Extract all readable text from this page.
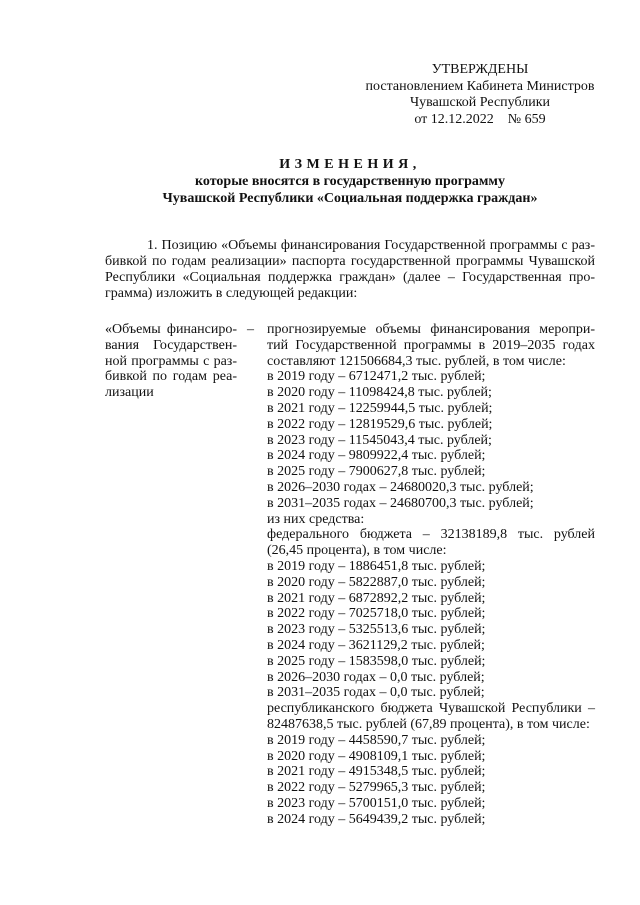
УТВЕРЖДЕНЫ
постановлением Кабинета Министров
Чувашской Республики
от 12.12.2022    № 659
ИЗМЕНЕНИЯ,
которые вносятся в государственную программу
Чувашской Республики «Социальная поддержка граждан»
1. Позицию «Объемы финансирования Государственной программы с раз-
бивкой по годам реализации» паспорта государственной программы Чувашской
Республики «Социальная поддержка граждан» (далее – Государственная про-
грамма) изложить в следующей редакции:
«Объемы финансиро-
вания Государствен-
ной программы с раз-
бивкой по годам реа-
лизации
– прогнозируемые объемы финансирования меропри-
тий Государственной программы в 2019–2035 годах
составляют 121506684,3 тыс. рублей, в том числе:
в 2019 году – 6712471,2 тыс. рублей;
в 2020 году – 11098424,8 тыс. рублей;
в 2021 году – 12259944,5 тыс. рублей;
в 2022 году – 12819529,6 тыс. рублей;
в 2023 году – 11545043,4 тыс. рублей;
в 2024 году – 9809922,4 тыс. рублей;
в 2025 году – 7900627,8 тыс. рублей;
в 2026–2030 годах – 24680020,3 тыс. рублей;
в 2031–2035 годах – 24680700,3 тыс. рублей;
из них средства:
федерального бюджета – 32138189,8 тыс. рублей
(26,45 процента), в том числе:
в 2019 году – 1886451,8 тыс. рублей;
в 2020 году – 5822887,0 тыс. рублей;
в 2021 году – 6872892,2 тыс. рублей;
в 2022 году – 7025718,0 тыс. рублей;
в 2023 году – 5325513,6 тыс. рублей;
в 2024 году – 3621129,2 тыс. рублей;
в 2025 году – 1583598,0 тыс. рублей;
в 2026–2030 годах – 0,0 тыс. рублей;
в 2031–2035 годах – 0,0 тыс. рублей;
республиканского бюджета Чувашской Республики –
82487638,5 тыс. рублей (67,89 процента), в том числе:
в 2019 году – 4458590,7 тыс. рублей;
в 2020 году – 4908109,1 тыс. рублей;
в 2021 году – 4915348,5 тыс. рублей;
в 2022 году – 5279965,3 тыс. рублей;
в 2023 году – 5700151,0 тыс. рублей;
в 2024 году – 5649439,2 тыс. рублей;
